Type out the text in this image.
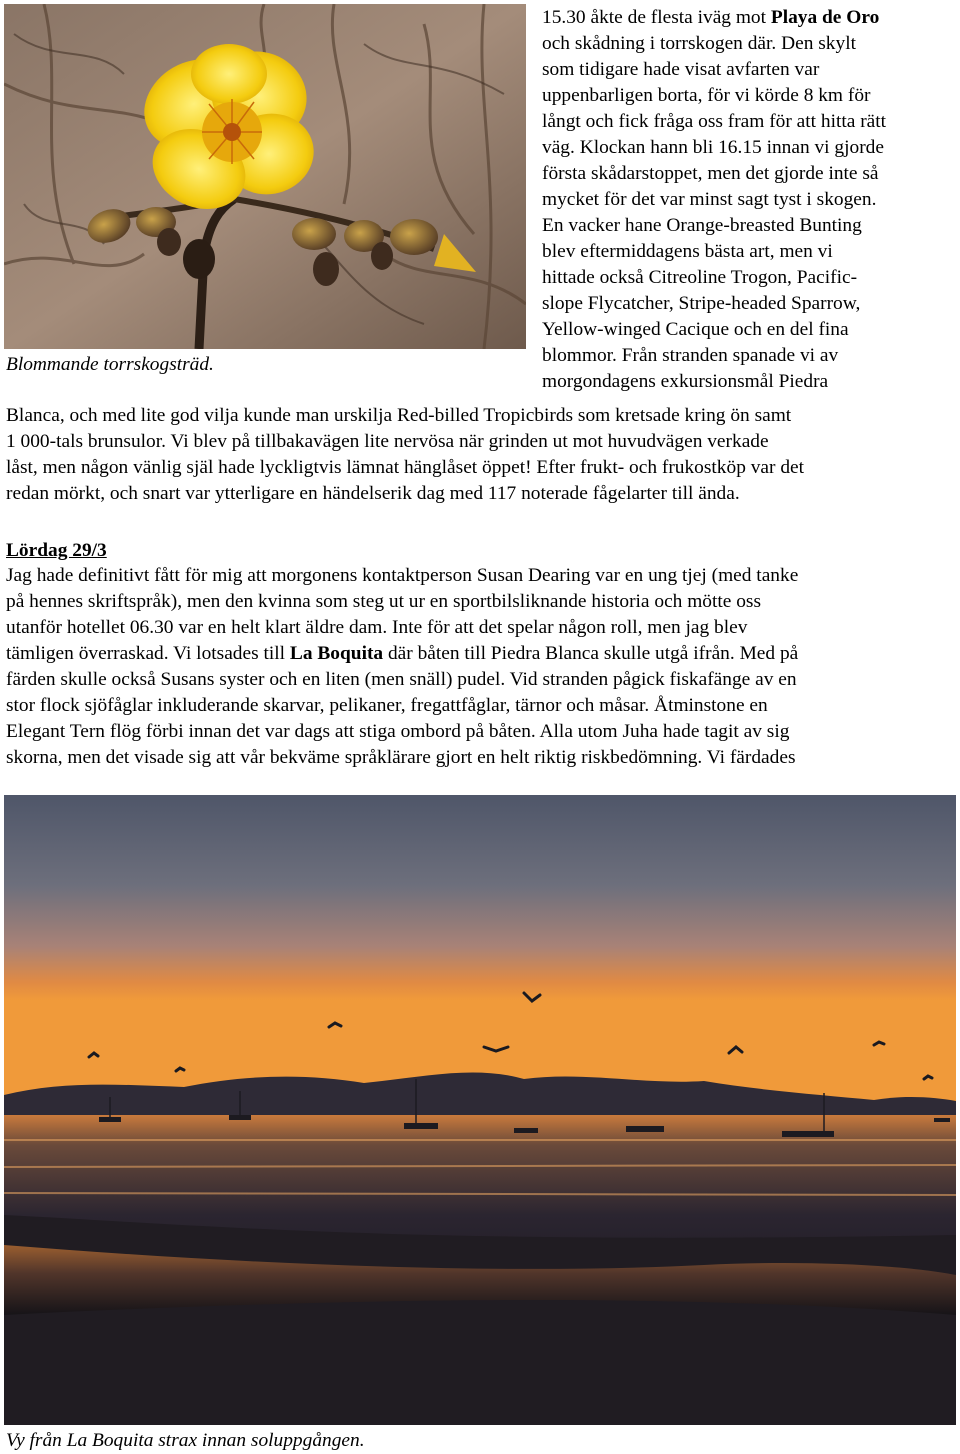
Blommande torrskogsträd.
15.30 åkte de flesta iväg mot Playa de Oro
och skådning i torrskogen där. Den skylt
som tidigare hade visat avfarten var
uppenbarligen borta, för vi körde 8 km för
långt och fick fråga oss fram för att hitta rätt
väg. Klockan hann bli 16.15 innan vi gjorde
första skådarstoppet, men det gjorde inte så
mycket för det var minst sagt tyst i skogen.
En vacker hane Orange-breasted Bunting
blev eftermiddagens bästa art, men vi
hittade också Citreoline Trogon, Pacific-
slope Flycatcher, Stripe-headed Sparrow,
Yellow-winged Cacique och en del fina
blommor. Från stranden spanade vi av
morgondagens exkursionsmål Piedra
Blanca, och med lite god vilja kunde man urskilja Red-billed Tropicbirds som kretsade kring ön samt
1 000-tals brunsulor. Vi blev på tillbakavägen lite nervösa när grinden ut mot huvudvägen verkade
låst, men någon vänlig själ hade lyckligtvis lämnat hänglåset öppet! Efter frukt- och frukostköp var det
redan mörkt, och snart var ytterligare en händelserik dag med 117 noterade fågelarter till ända.
Lördag 29/3
Jag hade definitivt fått för mig att morgonens kontaktperson Susan Dearing var en ung tjej (med tanke
på hennes skriftspråk), men den kvinna som steg ut ur en sportbilsliknande historia och mötte oss
utanför hotellet 06.30 var en helt klart äldre dam. Inte för att det spelar någon roll, men jag blev
tämligen överraskad. Vi lotsades till La Boquita där båten till Piedra Blanca skulle utgå ifrån. Med på
färden skulle också Susans syster och en liten (men snäll) pudel. Vid stranden pågick fiskafänge av en
stor flock sjöfåglar inkluderande skarvar, pelikaner, fregattfåglar, tärnor och måsar. Åtminstone en
Elegant Tern flög förbi innan det var dags att stiga ombord på båten. Alla utom Juha hade tagit av sig
skorna, men det visade sig att vår bekväme språklärare gjort en helt riktig riskbedömning. Vi färdades
Vy från La Boquita strax innan soluppgången.
